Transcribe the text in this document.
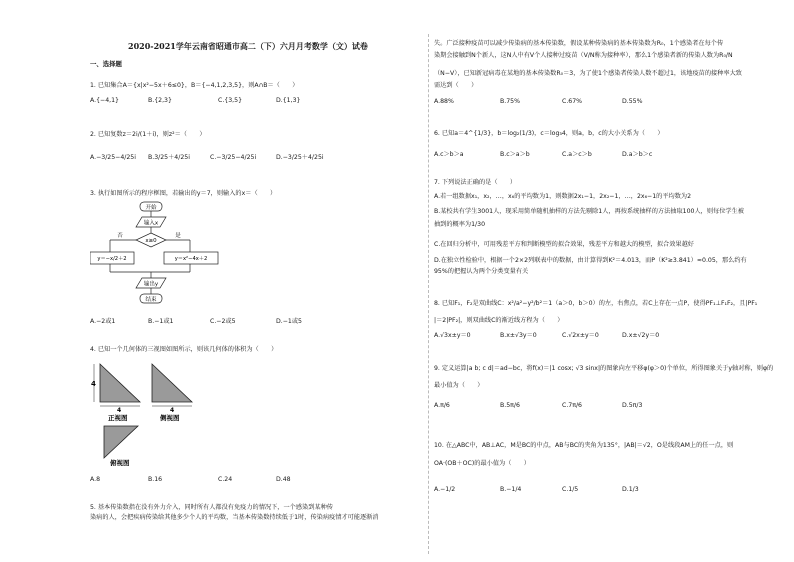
2020-2021学年云南省昭通市高二（下）六月月考数学（文）试卷
一、选择题
1. 已知集合A＝{x|x²−5x＋6≤0}，B＝{−4,1,2,3,5}，则A∩B＝（　　）
A.{−4,1}	B.{2,3}	C.{3,5}	D.{1,3}
2. 已知复数z＝2i/(1＋i)，则z²＝（　　）
A.−3/25−4/25i B.3/25＋4/25i	C.−3/25−4/25i	D.−3/25＋4/25i
3. 执行如图所示的程序框图，若输出的y＝7，则输入的x＝（　　）
开始
输入x
x≥0
否	是
y＝−x/2＋2	y＝x²−4x＋2
输出y
结束
A.−2或1	B.−1或1	C.−2或5	D.−1或5
4. 已知一个几何体的三视图如图所示，则该几何体的体积为（　　）
4
4	4
正视图	侧视图
俯视图
A.8	B.16	C.24	D.48
5. 基本传染数指在没有外力介入，同时所有人都没有免疫力的情况下，一个感染到某种传
染病的人，会把疾病传染给其他多少个人的平均数，当基本传染数持续低于1时，传染病疫情才可能逐渐消
失。广泛接种疫苗可以减少传染病的基本传染数，假设某种传染病的基本传染数为R₀，1个感染者在每个传
染期会接触到N个新人，这N人中有V个人接种过疫苗（V/N称为接种率），那么1个感染者新的传染人数为R₀/N
（N−V），已知新冠病毒在某地的基本传染数R₀＝3，为了使1个感染者传染人数不超过1，该地疫苗的接种率大致
需达到（　　）
A.88%	B.75%	C.67%	D.55%
6. 已知a＝4^{1/3}，b＝log₂(1/3)，c＝log₃4，则a，b，c的大小关系为（　　）
A.c＞b＞a	B.c＞a＞b	C.a＞c＞b	D.a＞b＞c
7. 下列说法正确的是（　　）
A.若一组数据x₁，x₂，…，x₆的平均数为1，则数据2x₁−1，2x₂−1，…，2x₆−1的平均数为2
B.某校共有学生3001人，现采用简单随机抽样的方法先剔除1人，再按系统抽样的方法抽取100人，则每位学生被
抽到的概率为1/30
C.在回归分析中，可用残差平方和判断模型的拟合效果，残差平方和越大的模型，拟合效果越好
D.在独立性检验中，根据一个2×2列联表中的数据，由计算得到K²＝4.013，而P（K²≥3.841）≈0.05，那么约有
95%的把握认为两个分类变量有关
8. 已知F₁，F₂是双曲线C：x²/a²−y²/b²＝1（a＞0，b＞0）的左，右焦点，若C上存在一点P，使得PF₁⊥F₁F₂，且|PF₁
|＝2|PF₂|，则双曲线C的渐近线方程为（　　）
A.√3x±y＝0	B.x±√3y＝0	C.√2x±y＝0	D.x±√2y＝0
9. 定义运算|a b; c d|＝ad−bc，将f(x)＝|1 cosx; √3 sinx|的图象向左平移φ(φ＞0)个单位，所得图象关于y轴对称，则φ的
最小值为（　　）
A.π/6	B.5π/6	C.7π/6	D.5π/3
10. 在△ABC中，AB⊥AC，M是BC的中点，AB与BC的夹角为135°，|AB|＝√2，O是线段AM上的任一点，则
OA·(OB＋OC)的最小值为（　　）
A.−1/2	B.−1/4	C.1/5	D.1/3
